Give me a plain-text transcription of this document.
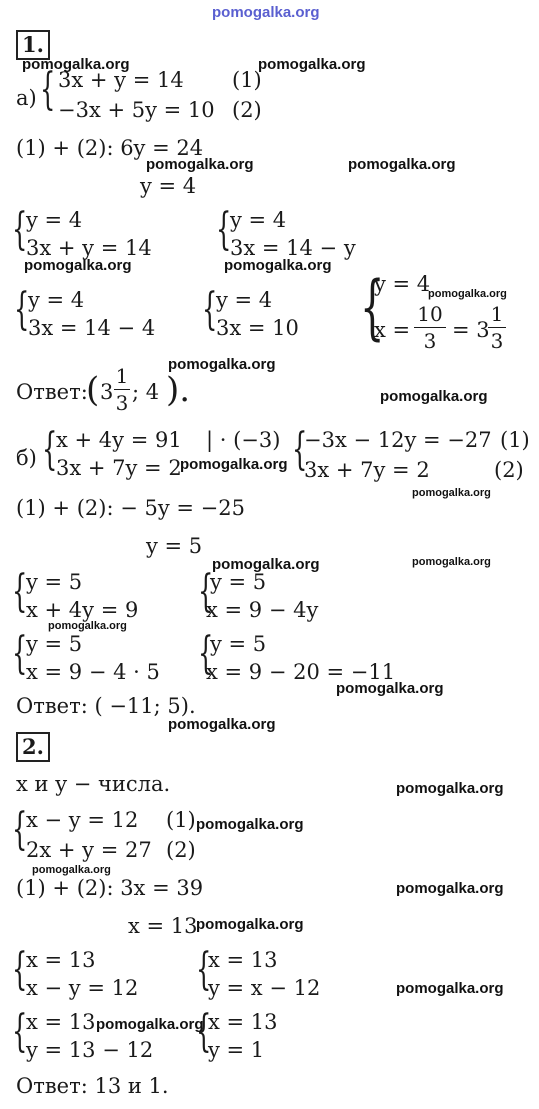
pomogalka.org
pomogalka.org	pomogalka.org
pomogalka.org	pomogalka.org
pomogalka.org	pomogalka.org
pomogalka.org
pomogalka.org
pomogalka.org
pomogalka.org
pomogalka.org
pomogalka.org	pomogalka.org
pomogalka.org
pomogalka.org
pomogalka.org
pomogalka.org
pomogalka.org
pomogalka.org
pomogalka.org
pomogalka.org
pomogalka.org
pomogalka.org
1.
а) { 3x + y = 14 (1)
−3x + 5y = 10 (2)
(1) + (2): 6y = 24
y = 4
{
y = 4
3x + y = 14 {
y = 4
3x = 14 − y
{
y = 4
3x = 14 − 4 {
y = 4
3x = 10 {
y = 4
x =
10
3 = 3
1
3
Ответ:
( 3
1
3 ; 4 ).
б) {
x + 4y = 91 | · (−3)
3x + 7y = 2	{
−3x − 12y = −27 (1)
3x + 7y = 2	(2)
(1) + (2): − 5y = −25
y = 5
{
y = 5
x + 4y = 9 {
y = 5
x = 9 − 4y
{
y = 5
x = 9 − 4 · 5 {
y = 5
x = 9 − 20 = −11
Ответ: ( −11; 5).
2.
x и y − числа.
{
x − y = 12 (1)
2x + y = 27 (2)
(1) + (2): 3x = 39
x = 13
{
x = 13
x − y = 12 {
x = 13
y = x − 12
{
x = 13
y = 13 − 12 {
x = 13
y = 1
Ответ: 13 и 1.
